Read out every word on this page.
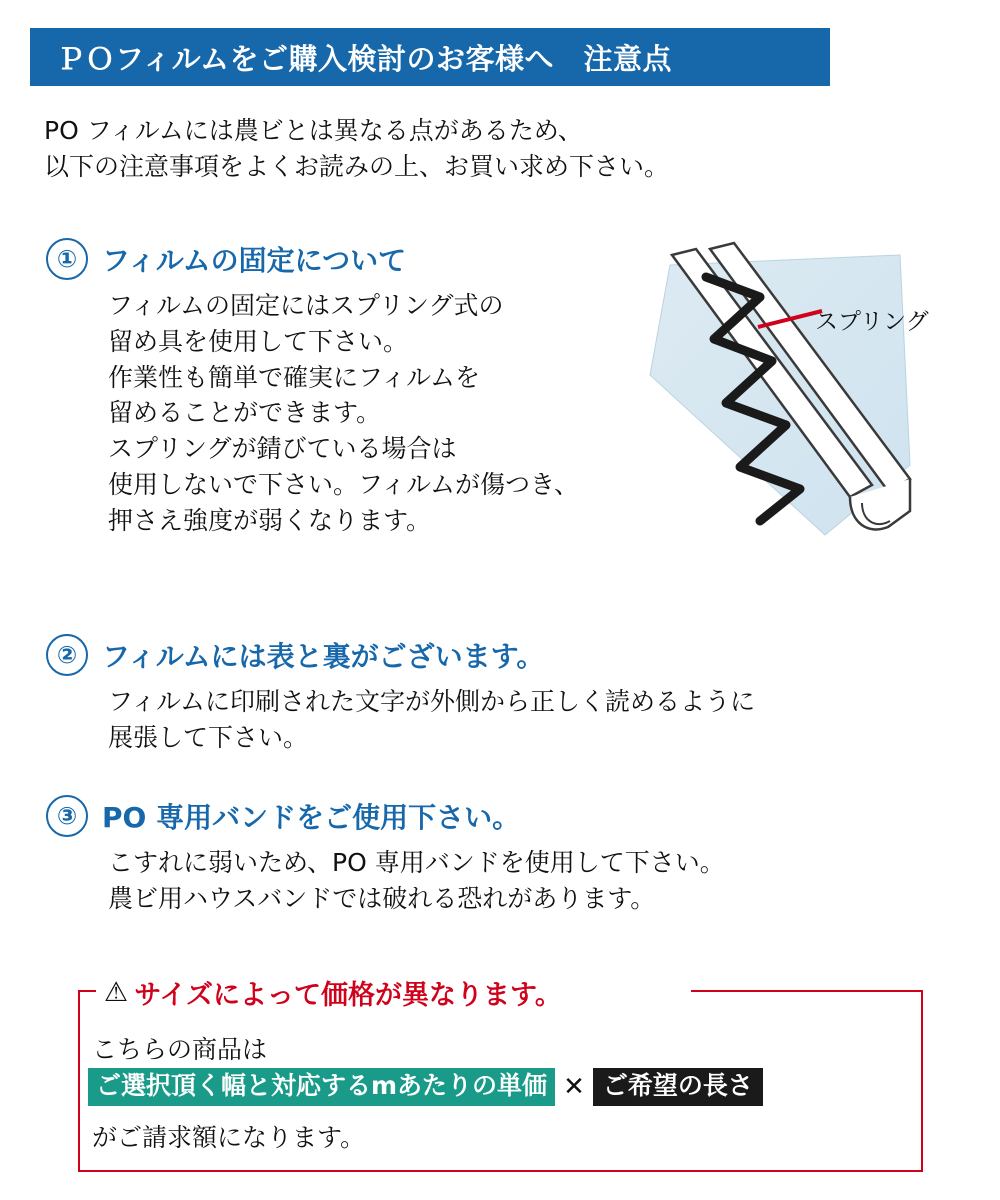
ＰＯフィルムをご購入検討のお客様へ　注意点
PO フィルムには農ビとは異なる点があるため、
以下の注意事項をよくお読みの上、お買い求め下さい。
① フィルムの固定について
フィルムの固定にはスプリング式の
留め具を使用して下さい。
作業性も簡単で確実にフィルムを
留めることができます。
スプリングが錆びている場合は
使用しないで下さい。フィルムが傷つき、
押さえ強度が弱くなります。
スプリング
② フィルムには表と裏がございます。
フィルムに印刷された文字が外側から正しく読めるように
展張して下さい。
③ PO 専用バンドをご使用下さい。
こすれに弱いため、PO 専用バンドを使用して下さい。
農ビ用ハウスバンドでは破れる恐れがあります。
⚠ サイズによって価格が異なります。
こちらの商品は
ご選択頂く幅と対応するmあたりの単価 ✕ ご希望の長さ
がご請求額になります。
